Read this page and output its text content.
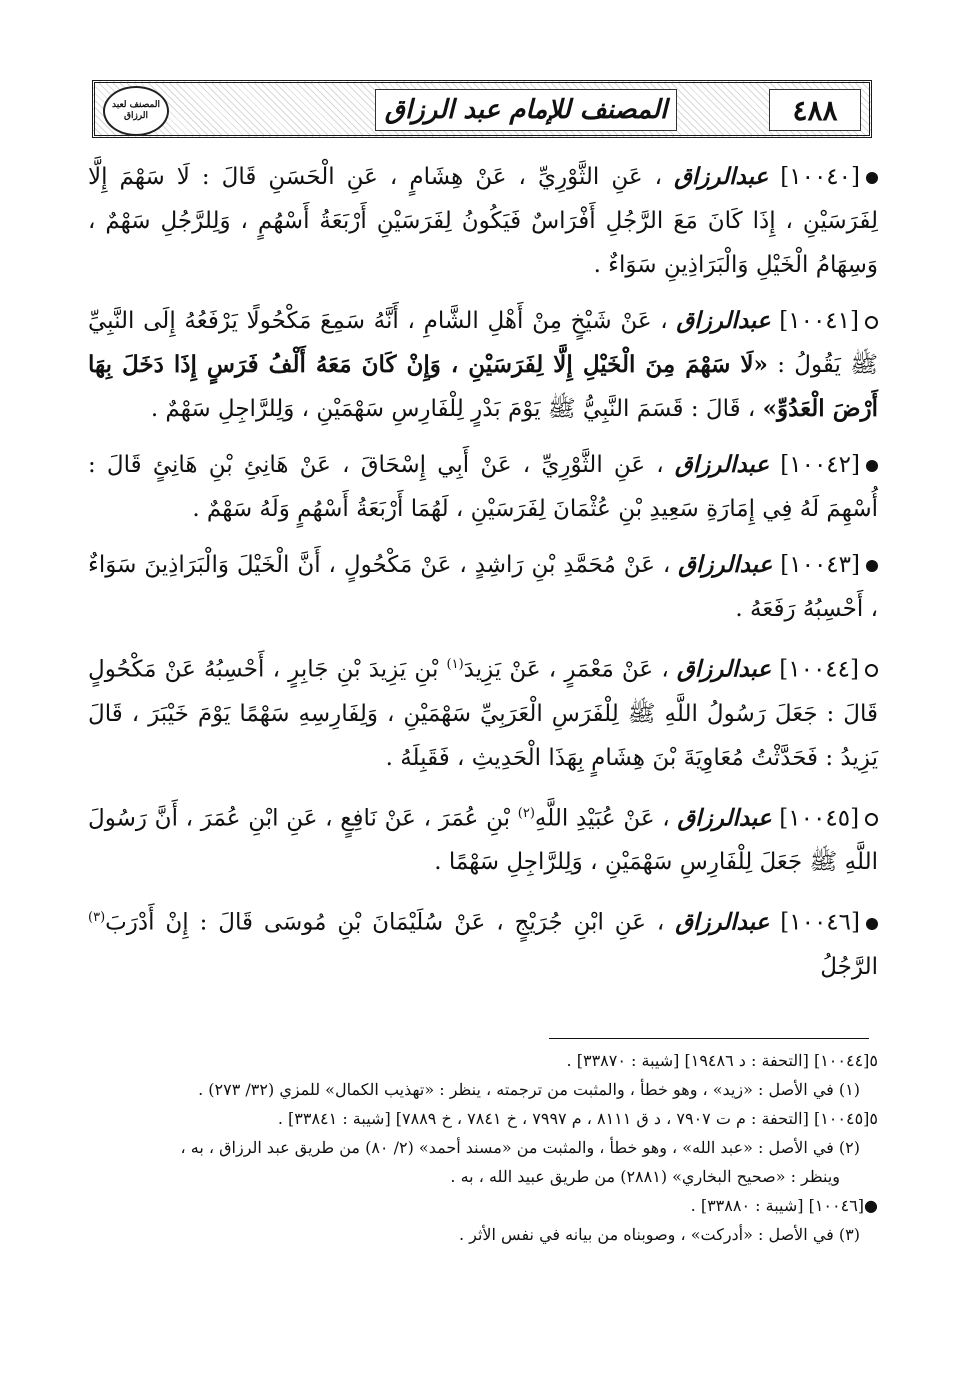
المصنف لعبد الرزاق	المصنف للإمام عبد الرزاق	٤٨٨

[١٠٠٤٠] عبدالرزاق ، عَنِ الثَّوْرِيِّ ، عَنْ هِشَامٍ ، عَنِ الْحَسَنِ قَالَ : لَا سَهْمَ إِلَّا لِفَرَسَيْنِ ، إِذَا كَانَ مَعَ الرَّجُلِ أَفْرَاسٌ فَيَكُونُ لِفَرَسَيْنِ أَرْبَعَةُ أَسْهُمٍ ، وَلِلرَّجُلِ سَهْمٌ ، وَسِهَامُ الْخَيْلِ وَالْبَرَاذِينِ سَوَاءٌ .

[١٠٠٤١] عبدالرزاق ، عَنْ شَيْخٍ مِنْ أَهْلِ الشَّامِ ، أَنَّهُ سَمِعَ مَكْحُولًا يَرْفَعُهُ إِلَى النَّبِيِّ ﷺ يَقُولُ : «لَا سَهْمَ مِنَ الْخَيْلِ إِلَّا لِفَرَسَيْنِ ، وَإِنْ كَانَ مَعَهُ أَلْفُ فَرَسٍ إِذَا دَخَلَ بِهَا أَرْضَ الْعَدُوِّ» ، قَالَ : قَسَمَ النَّبِيُّ ﷺ يَوْمَ بَدْرٍ لِلْفَارِسِ سَهْمَيْنِ ، وَلِلرَّاجِلِ سَهْمٌ .

[١٠٠٤٢] عبدالرزاق ، عَنِ الثَّوْرِيِّ ، عَنْ أَبِي إِسْحَاقَ ، عَنْ هَانِئِ بْنِ هَانِئٍ قَالَ : أُسْهِمَ لَهُ فِي إِمَارَةِ سَعِيدِ بْنِ عُثْمَانَ لِفَرَسَيْنِ ، لَهُمَا أَرْبَعَةُ أَسْهُمٍ وَلَهُ سَهْمٌ .

[١٠٠٤٣] عبدالرزاق ، عَنْ مُحَمَّدِ بْنِ رَاشِدٍ ، عَنْ مَكْحُولٍ ، أَنَّ الْخَيْلَ وَالْبَرَاذِينَ سَوَاءٌ ، أَحْسِبُهُ رَفَعَهُ .

[١٠٠٤٤] عبدالرزاق ، عَنْ مَعْمَرٍ ، عَنْ يَزِيدَ$^{(١)}$ بْنِ يَزِيدَ بْنِ جَابِرٍ ، أَحْسِبُهُ عَنْ مَكْحُولٍ قَالَ : جَعَلَ رَسُولُ اللَّهِ ﷺ لِلْفَرَسِ الْعَرَبِيِّ سَهْمَيْنِ ، وَلِفَارِسِهِ سَهْمًا يَوْمَ خَيْبَرَ ، قَالَ يَزِيدُ : فَحَدَّثْتُ مُعَاوِيَةَ بْنَ هِشَامٍ بِهَذَا الْحَدِيثِ ، فَقَبِلَهُ .

[١٠٠٤٥] عبدالرزاق ، عَنْ عُبَيْدِ اللَّهِ$^{(٢)}$ بْنِ عُمَرَ ، عَنْ نَافِعٍ ، عَنِ ابْنِ عُمَرَ ، أَنَّ رَسُولَ اللَّهِ ﷺ جَعَلَ لِلْفَارِسِ سَهْمَيْنِ ، وَلِلرَّاجِلِ سَهْمًا .

[١٠٠٤٦] عبدالرزاق ، عَنِ ابْنِ جُرَيْجٍ ، عَنْ سُلَيْمَانَ بْنِ مُوسَى قَالَ : إِنْ أَدْرَبَ$^{(٣)}$ الرَّجُلُ

٥[١٠٠٤٤] [التحفة : د ١٩٤٨٦] [شيبة : ٣٣٨٧٠] .

(١) في الأصل : «زيد» ، وهو خطأ ، والمثبت من ترجمته ، ينظر : «تهذيب الكمال» للمزي (٣٢/ ٢٧٣) .

٥[١٠٠٤٥] [التحفة : م ت ٧٩٠٧ ، د ق ٨١١١ ، م ٧٩٩٧ ، خ ٧٨٤١ ، خ ٧٨٨٩] [شيبة : ٣٣٨٤١] .

(٢) في الأصل : «عبد الله» ، وهو خطأ ، والمثبت من «مسند أحمد» (٢/ ٨٠) من طريق عبد الرزاق ، به ،

وينظر : «صحيح البخاري» (٢٨٨١) من طريق عبيد الله ، به .

●[١٠٠٤٦] [شيبة : ٣٣٨٨٠] .

(٣) في الأصل : «أدركت» ، وصوبناه من بيانه في نفس الأثر .
